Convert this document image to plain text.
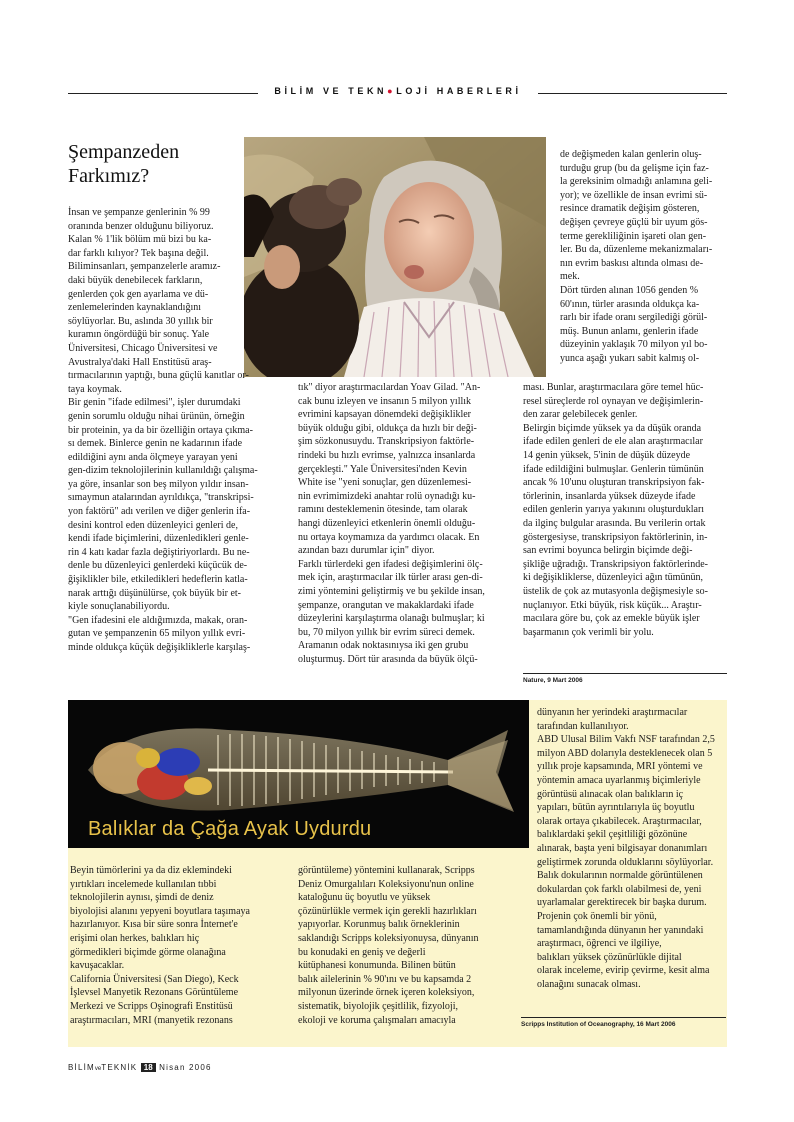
BİLİM VE TEKN●LOJİ HABERLERİ
Şempanzeden
Farkımız?

İnsan ve şempanze genlerinin % 99

oranında benzer olduğunu biliyoruz.

Kalan % 1'lik bölüm mü bizi bu ka-

dar farklı kılıyor? Tek başına değil.

Biliminsanları, şempanzelerle aramız-

daki büyük denebilecek farkların,

genlerden çok gen ayarlama ve dü-

zenlemelerinden kaynaklandığını

söylüyorlar. Bu, aslında 30 yıllık bir

kuramın öngördüğü bir sonuç. Yale

Üniversitesi, Chicago Üniversitesi ve

Avustralya'daki Hall Enstitüsü araş-

tırmacılarının yaptığı, buna güçlü kanıtlar or-

taya koymak.

Bir genin "ifade edilmesi", işler durumdaki

genin sorumlu olduğu nihai ürünün, örneğin

bir proteinin, ya da bir özelliğin ortaya çıkma-

sı demek. Binlerce genin ne kadarının ifade

edildiğini aynı anda ölçmeye yarayan yeni

gen-dizim teknolojilerinin kullanıldığı çalışma-

ya göre, insanlar son beş milyon yıldır insan-

sımaymun atalarından ayrıldıkça, "transkripsi-

yon faktörü" adı verilen ve diğer genlerin ifa-

desini kontrol eden düzenleyici genleri de,

kendi ifade biçimlerini, düzenledikleri genle-

rin 4 katı kadar fazla değiştiriyorlardı. Bu ne-

denle bu düzenleyici genlerdeki küçücük de-

ğişiklikler bile, etkiledikleri hedeflerin katla-

narak arttığı düşünülürse, çok büyük bir et-

kiyle sonuçlanabiliyordu.

"Gen ifadesini ele aldığımızda, makak, oran-

gutan ve şempanzenin 65 milyon yıllık evri-

minde oldukça küçük değişikliklerle karşılaş-

tık" diyor araştırmacılardan Yoav Gilad. "An-

cak bunu izleyen ve insanın 5 milyon yıllık

evrimini kapsayan dönemdeki değişiklikler

büyük olduğu gibi, oldukça da hızlı bir deği-

şim sözkonusuydu. Transkripsiyon faktörle-

rindeki bu hızlı evrimse, yalnızca insanlarda

gerçekleşti." Yale Üniversitesi'nden Kevin

White ise "yeni sonuçlar, gen düzenlemesi-

nin evrimimizdeki anahtar rolü oynadığı ku-

ramını desteklemenin ötesinde, tam olarak

hangi düzenleyici etkenlerin önemli olduğu-

nu ortaya koymamıza da yardımcı olacak. En

azından bazı durumlar için" diyor.

Farklı türlerdeki gen ifadesi değişimlerini ölç-

mek için, araştırmacılar ilk türler arası gen-di-

zimi yöntemini geliştirmiş ve bu şekilde insan,

şempanze, orangutan ve makaklardaki ifade

düzeylerini karşılaştırma olanağı bulmuşlar; ki

bu, 70 milyon yıllık bir evrim süreci demek.

Aramanın odak noktasınıysa iki gen grubu

oluşturmuş. Dört tür arasında da büyük ölçü-

de değişmeden kalan genlerin oluş-

turduğu grup (bu da gelişme için faz-

la gereksinim olmadığı anlamına geli-

yor); ve özellikle de insan evrimi sü-

resince dramatik değişim gösteren,

değişen çevreye güçlü bir uyum gös-

terme gerekliliğinin işareti olan gen-

ler. Bu da, düzenleme mekanizmaları-

nın evrim baskısı altında olması de-

mek.

Dört türden alınan 1056 genden %

60'ının, türler arasında oldukça ka-

rarlı bir ifade oranı sergilediği görül-

müş. Bunun anlamı, genlerin ifade

düzeyinin yaklaşık 70 milyon yıl bo-

yunca aşağı yukarı sabit kalmış ol-

ması. Bunlar, araştırmacılara göre temel hüc-

resel süreçlerde rol oynayan ve değişimlerin-

den zarar gelebilecek genler.

Belirgin biçimde yüksek ya da düşük oranda

ifade edilen genleri de ele alan araştırmacılar

14 genin yüksek, 5'inin de düşük düzeyde

ifade edildiğini bulmuşlar. Genlerin tümünün

ancak % 10'unu oluşturan transkripsiyon fak-

törlerinin, insanlarda yüksek düzeyde ifade

edilen genlerin yarıya yakınını oluşturdukları

da ilginç bulgular arasında. Bu verilerin ortak

göstergesiyse, transkripsiyon faktörlerinin, in-

san evrimi boyunca belirgin biçimde deği-

şikliğe uğradığı. Transkripsiyon faktörlerinde-

ki değişikliklerse, düzenleyici ağın tümünün,

üstelik de çok az mutasyonla değişmesiyle so-

nuçlanıyor. Etki büyük, risk küçük... Araştır-

macılara göre bu, çok az emekle büyük işler

başarmanın çok verimli bir yolu.

Nature, 9 Mart 2006
Balıklar da Çağa Ayak Uydurdu

dünyanın her yerindeki araştırmacılar

tarafından kullanılıyor.

ABD Ulusal Bilim Vakfı NSF tarafından 2,5

milyon ABD dolarıyla desteklenecek olan 5

yıllık proje kapsamında, MRI yöntemi ve

yöntemin amaca uyarlanmış biçimleriyle

görüntüsü alınacak olan balıkların iç

yapıları, bütün ayrıntılarıyla üç boyutlu

olarak ortaya çıkabilecek. Araştırmacılar,

balıklardaki şekil çeşitliliği gözönüne

alınarak, başta yeni bilgisayar donanımları

geliştirmek zorunda olduklarını söylüyorlar.

Balık dokularının normalde görüntülenen

dokulardan çok farklı olabilmesi de, yeni

uyarlamalar gerektirecek bir başka durum.

Projenin çok önemli bir yönü,

tamamlandığında dünyanın her yanındaki

araştırmacı, öğrenci ve ilgiliye,

balıkları yüksek çözünürlükle dijital

olarak inceleme, evirip çevirme, kesit alma

olanağını sunacak olması.

Beyin tümörlerini ya da diz eklemindeki

yırtıkları incelemede kullanılan tıbbi

teknolojilerin aynısı, şimdi de deniz

biyolojisi alanını yepyeni boyutlara taşımaya

hazırlanıyor. Kısa bir süre sonra İnternet'e

erişimi olan herkes, balıkları hiç

görmedikleri biçimde görme olanağına

kavuşacaklar.

California Üniversitesi (San Diego), Keck

İşlevsel Manyetik Rezonans Görüntüleme

Merkezi ve Scripps Oşinografi Enstitüsü

araştırmacıları, MRI (manyetik rezonans

görüntüleme) yöntemini kullanarak, Scripps

Deniz Omurgalıları Koleksiyonu'nun online

kataloğunu üç boyutlu ve yüksek

çözünürlükle vermek için gerekli hazırlıkları

yapıyorlar. Korunmuş balık örneklerinin

saklandığı Scripps koleksiyonuysa, dünyanın

bu konudaki en geniş ve değerli

kütüphanesi konumunda. Bilinen bütün

balık ailelerinin % 90'ını ve bu kapsamda 2

milyonun üzerinde örnek içeren koleksiyon,

sistematik, biyolojik çeşitlilik, fizyoloji,

ekoloji ve koruma çalışmaları amacıyla	Scripps Institution of Oceanography, 16 Mart 2006
BİLİMveTEKNİK 18 Nisan 2006
